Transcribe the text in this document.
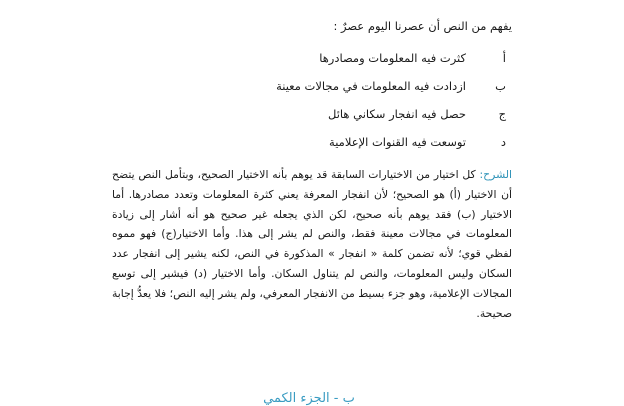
يفهم من النص أن عصرنا اليوم عصرٌ :
أ
كثرت فيه المعلومات ومصادرها
ب
ازدادت فيه المعلومات في مجالات معينة
ج
حصل فيه انفجار سكاني هائل
د
توسعت فيه القنوات الإعلامية

الشرح: كل اختيار من الاختيارات السابقة قد يوهم بأنه الاختيار الصحيح، وبتأمل النص يتضح أن الاختيار (أ) هو الصحيح؛ لأن انفجار المعرفة يعني كثرة المعلومات وتعدد مصادرها. أما الاختيار (ب) فقد يوهم بأنه صحيح، لكن الذي يجعله غير صحيح هو أنه أشار إلى زيادة المعلومات في مجالات معينة فقط، والنص لم يشر إلى هذا. وأما الاختيار(ج) فهو مموه لفظي قوي؛ لأنه تضمن كلمة « انفجار » المذكورة في النص، لكنه يشير إلى انفجار عدد السكان وليس المعلومات، والنص لم يتناول السكان. وأما الاختيار (د) فيشير إلى توسع المجالات الإعلامية، وهو جزء بسيط من الانفجار المعرفي، ولم يشر إليه النص؛ فلا يعدُّ إجابة صحيحة.

ب - الجزء الكمي
